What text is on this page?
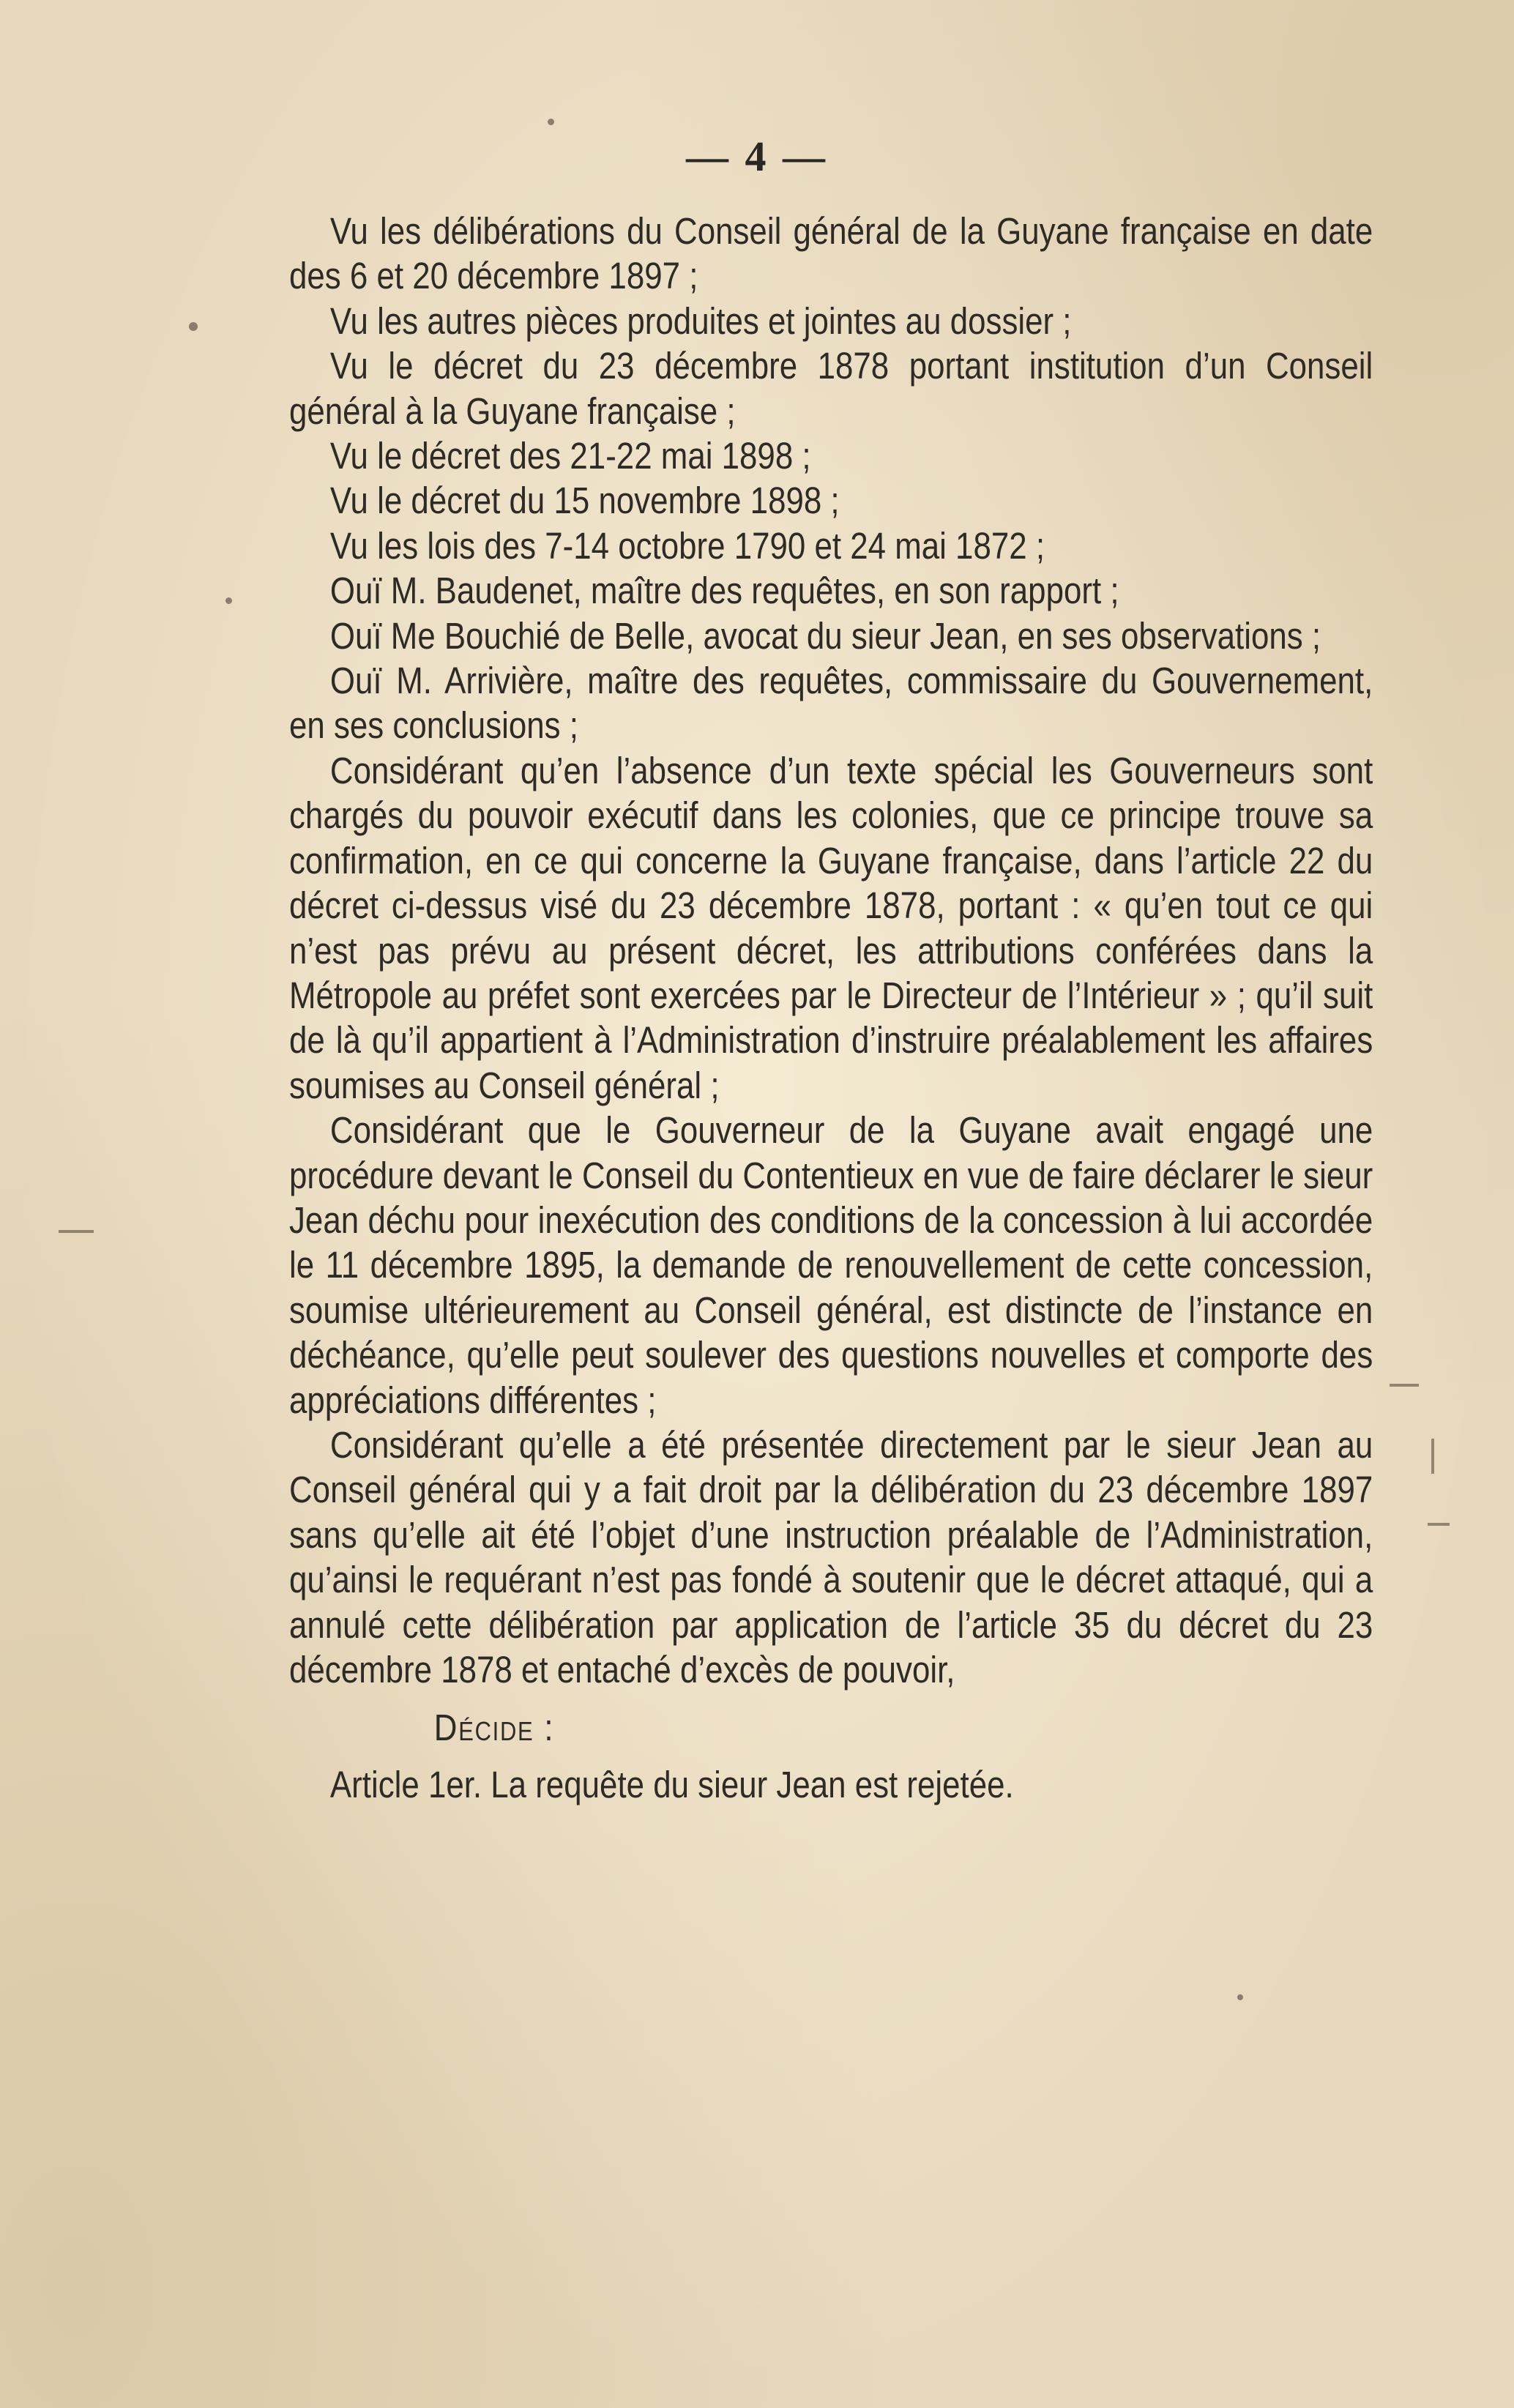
— 4 —

Vu les délibérations du Conseil général de la Guyane française en date des 6 et 20 décembre 1897 ;

Vu les autres pièces produites et jointes au dossier ;

Vu le décret du 23 décembre 1878 portant institution d’un Conseil général à la Guyane française ;

Vu le décret des 21-22 mai 1898 ;

Vu le décret du 15 novembre 1898 ;

Vu les lois des 7-14 octobre 1790 et 24 mai 1872 ;

Ouï M. Baudenet, maître des requêtes, en son rapport ;

Ouï Me Bouchié de Belle, avocat du sieur Jean, en ses observations ;

Ouï M. Arrivière, maître des requêtes, commissaire du Gouvernement, en ses conclusions ;

Considérant qu’en l’absence d’un texte spécial les Gouverneurs sont chargés du pouvoir exécutif dans les colonies, que ce principe trouve sa confirmation, en ce qui concerne la Guyane française, dans l’article 22 du décret ci-dessus visé du 23 décembre 1878, portant : « qu’en tout ce qui n’est pas prévu au présent décret, les attributions conférées dans la Métropole au préfet sont exercées par le Directeur de l’Intérieur » ; qu’il suit de là qu’il appartient à l’Administration d’instruire préalablement les affaires soumises au Conseil général ;

Considérant que le Gouverneur de la Guyane avait engagé une procédure devant le Conseil du Contentieux en vue de faire déclarer le sieur Jean déchu pour inexécution des conditions de la concession à lui accordée le 11 décembre 1895, la demande de renouvellement de cette concession, soumise ultérieurement au Conseil général, est distincte de l’instance en déchéance, qu’elle peut soulever des questions nouvelles et comporte des appréciations différentes ;

Considérant qu’elle a été présentée directement par le sieur Jean au Conseil général qui y a fait droit par la délibération du 23 décembre 1897 sans qu’elle ait été l’objet d’une instruction préalable de l’Administration, qu’ainsi le requérant n’est pas fondé à soutenir que le décret attaqué, qui a annulé cette délibération par application de l’article 35 du décret du 23 décembre 1878 et entaché d’excès de pouvoir,

Décide :

Article 1er. La requête du sieur Jean est rejetée.
